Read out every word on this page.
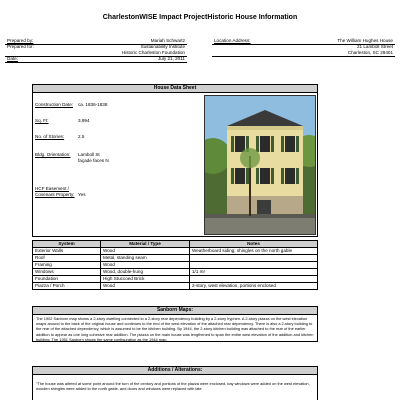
CharlestonWISE Impact ProjectHistoric House Information
Prepared by:	Mariah Schwartz
Prepared for:	Sustainability Institute
Historic Charleston Foundation
Date:	July 21, 2011
Location Address:	The William Hughes House
21 Lamboll Street
Charleston, SC 29401
House Data Sheet
Construction Date: ca. 1836-1838
Sq. Ft:	3,994
No. of Stories:	2.5
Bldg. Orientation: Lamboll St
façade faces N
HCF Easement /
Covenant Property: Yes
System	Material / Type	Notes
Exterior Walls	Wood	Weatherboard siding; shingles on the north gable
Roof	Metal, standing seam	
Framing	Wood	
Windows	Wood, double-hung	1/1 mr
Foundation	High Stuccoed Brick	
Piazza / Porch	Wood	2-story, west elevation, portions enclosed
Sanborn Maps:
The 1902 Sanborn map shows a 2-story dwelling connected to a 2-story rear dependency building by a 2-story hyphen. A 2-story piazza on the west elevation wraps around to the back of the original house and continues to the end of the west elevation of the attached rear dependency. There is also a 2-story building to the rear of the attached dependency, which is assumed to be the kitchen building. By 1944, the 2-story kitchen building was attached to the rear of the earlier addition to appear as one long cohesive rear addition. The piazza on the main house was lengthened to span the entire west elevation of the addition and kitchen building. The 1951 Sanborn shows the same configuration as the 1944 map.
Additions / Alterations:
"The house was altered at some point around the turn of the century and portions of the piazza were enclosed, bay windows were added on the west elevation, wooden shingles were added to the north gable, and doors and windows were replaced with late
